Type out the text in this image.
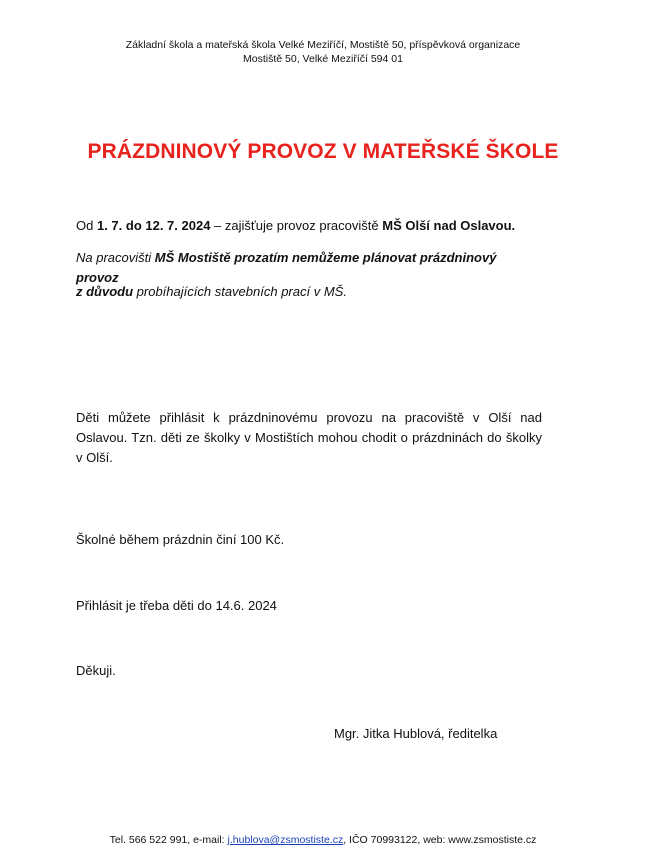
Základní škola a mateřská škola Velké Meziříčí, Mostiště 50, příspěvková organizace
Mostiště 50, Velké Meziříčí 594 01
PRÁZDNINOVÝ PROVOZ V MATEŘSKÉ ŠKOLE
Od 1. 7. do 12. 7. 2024 – zajišťuje provoz pracoviště MŠ Olší nad Oslavou.
Na pracovišti MŠ Mostiště prozatím nemůžeme plánovat prázdninový provoz
z důvodu probíhajících stavebních prací v MŠ.
Děti můžete přihlásit k prázdninovému provozu na pracoviště v Olší nad Oslavou. Tzn. děti ze školky v Mostištích mohou chodit o prázdninách do školky v Olší.
Školné během prázdnin činí 100 Kč.
Přihlásit je třeba děti do 14.6. 2024
Děkuji.
Mgr. Jitka Hublová, ředitelka
Tel. 566 522 991, e-mail: j.hublova@zsmostiste.cz, IČO 70993122, web: www.zsmostiste.cz
